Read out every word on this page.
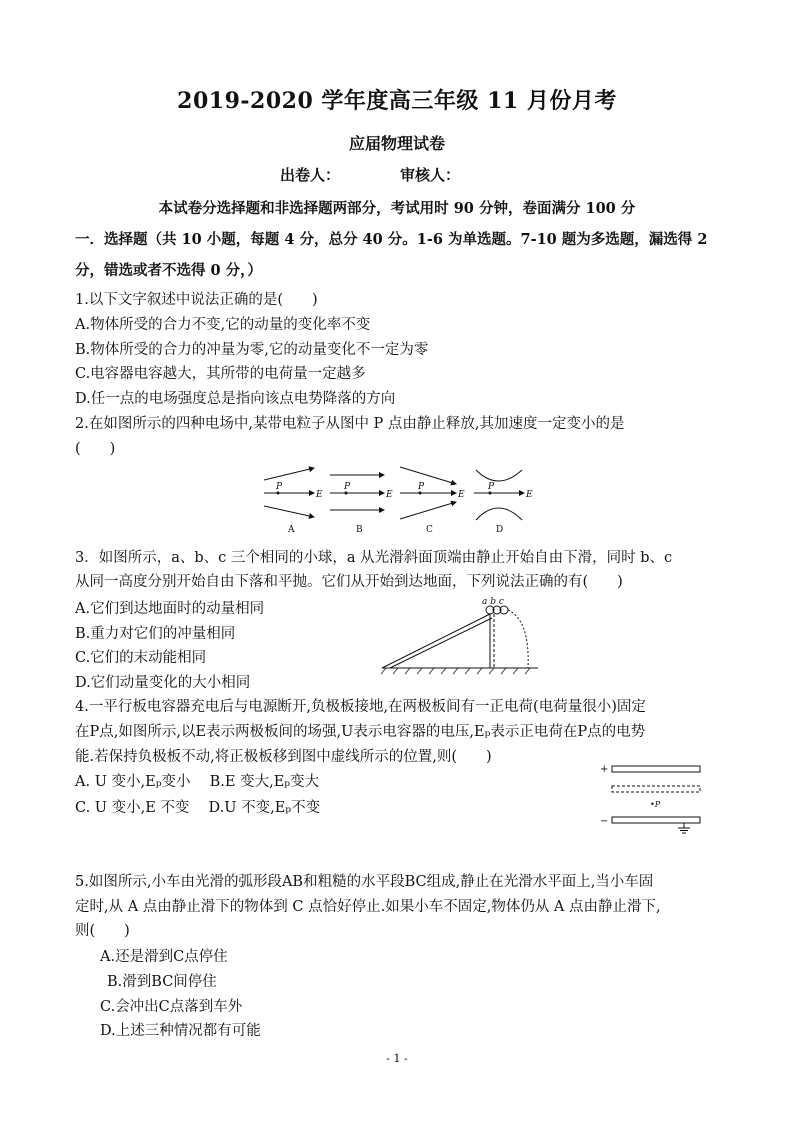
2019-2020 学年度高三年级 11 月份月考
应届物理试卷
出卷人：	审核人：
本试卷分选择题和非选择题两部分，考试用时 90 分钟，卷面满分 100 分
一．选择题（共 10 小题，每题 4 分，总分 40 分。1-6 为单选题。7-10 题为多选题，漏选得 2 分，错选或者不选得 0 分，）
1.以下文字叙述中说法正确的是(　　)
A.物体所受的合力不变,它的动量的变化率不变
B.物体所受的合力的冲量为零,它的动量变化不一定为零
C.电容器电容越大，其所带的电荷量一定越多
D.任一点的电场强度总是指向该点电势降落的方向
2.在如图所示的四种电场中,某带电粒子从图中 P 点由静止释放,其加速度一定变小的是
(　　)
P
E
P
E
P
E
P
E
A	B	C	D
3．如图所示，a、b、c 三个相同的小球，a 从光滑斜面顶端由静止开始自由下滑，同时 b、c
从同一高度分别开始自由下落和平抛。它们从开始到达地面，下列说法正确的有(　　)
A.它们到达地面时的动量相同
B.重力对它们的冲量相同
C.它们的末动能相同
D.它们动量变化的大小相同
a b c
4.一平行板电容器充电后与电源断开,负极板接地,在两极板间有一正电荷(电荷量很小)固定
在P点,如图所示,以E表示两极板间的场强,U表示电容器的电压,Eₚ表示正电荷在P点的电势
能.若保持负极板不动,将正极板移到图中虚线所示的位置,则(　　)
A. U 变小,Eₚ变小　 B.E 变大,Eₚ变大
C. U 变小,E 不变　 D.U 不变,Eₚ不变
+
−
•P
5.如图所示,小车由光滑的弧形段AB和粗糙的水平段BC组成,静止在光滑水平面上,当小车固
定时,从 A 点由静止滑下的物体到 C 点恰好停止.如果小车不固定,物体仍从 A 点由静止滑下,
则(　　)
A.还是滑到C点停住
B.滑到BC间停住
C.会冲出C点落到车外
D.上述三种情况都有可能
- 1 -
